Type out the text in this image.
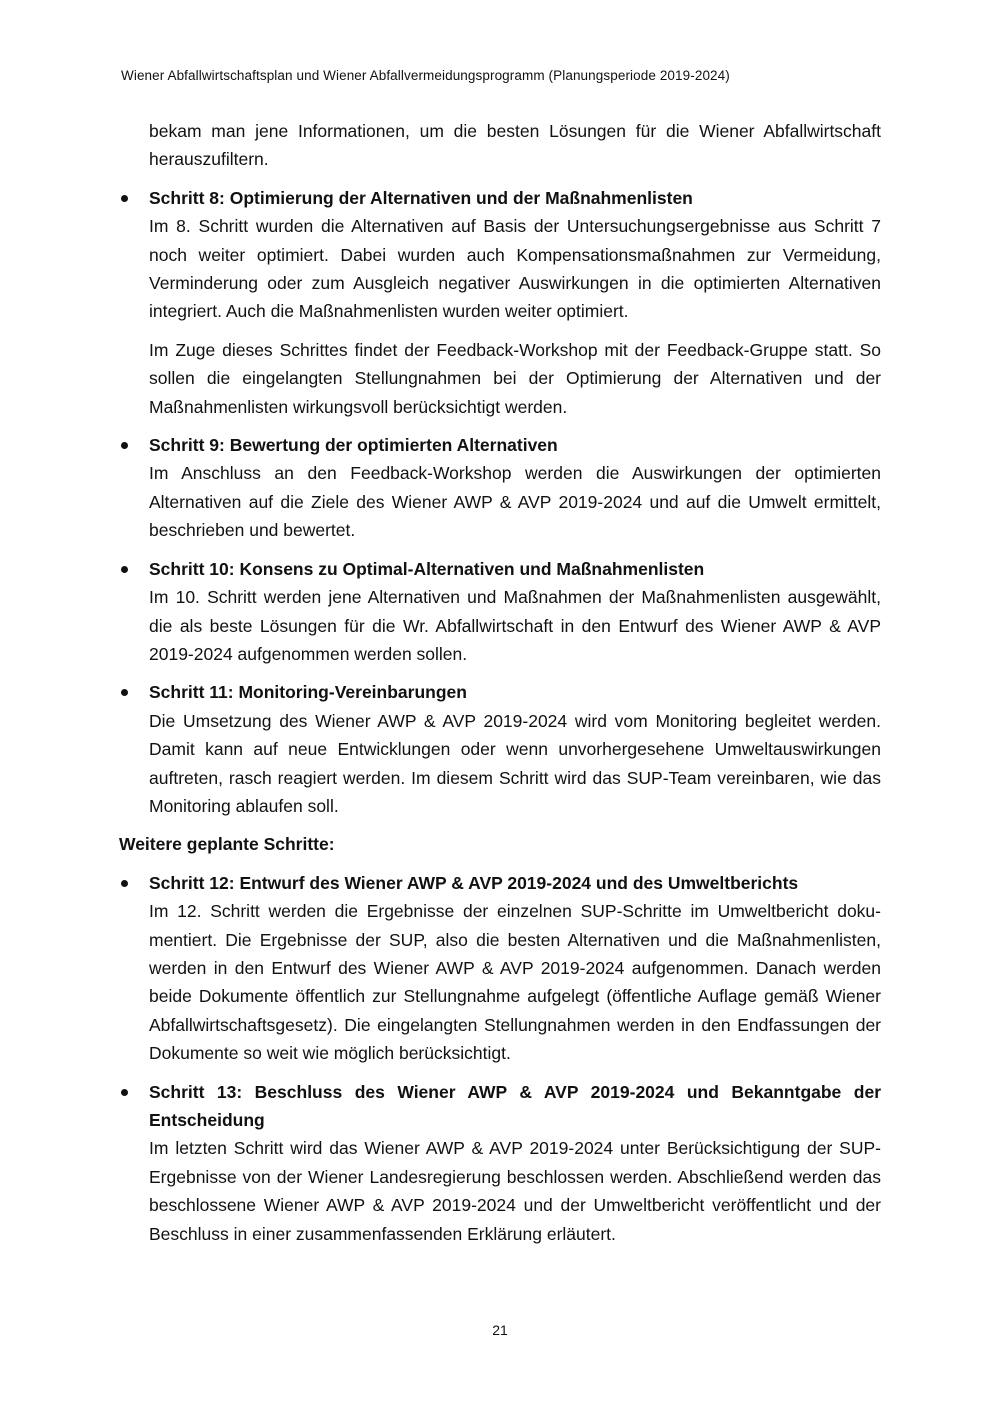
Wiener Abfallwirtschaftsplan und Wiener Abfallvermeidungsprogramm (Planungsperiode 2019-2024)

bekam man jene Informationen, um die besten Lösungen für die Wiener Abfallwirtschaft herauszufiltern.

Schritt 8: Optimierung der Alternativen und der Maßnahmenlisten

Im 8. Schritt wurden die Alternativen auf Basis der Untersuchungsergebnisse aus Schritt 7 noch weiter optimiert. Dabei wurden auch Kompensationsmaßnahmen zur Vermeidung, Verminderung oder zum Ausgleich negativer Auswirkungen in die optimierten Alternativen integriert. Auch die Maßnahmenlisten wurden weiter optimiert.

Im Zuge dieses Schrittes findet der Feedback-Workshop mit der Feedback-Gruppe statt. So sollen die eingelangten Stellungnahmen bei der Optimierung der Alternativen und der Maßnahmenlisten wirkungsvoll berücksichtigt werden.

Schritt 9: Bewertung der optimierten Alternativen

Im Anschluss an den Feedback-Workshop werden die Auswirkungen der optimierten Alternativen auf die Ziele des Wiener AWP & AVP 2019-2024 und auf die Umwelt ermittelt, beschrieben und bewertet.

Schritt 10: Konsens zu Optimal-Alternativen und Maßnahmenlisten

Im 10. Schritt werden jene Alternativen und Maßnahmen der Maßnahmenlisten ausgewählt, die als beste Lösungen für die Wr. Abfallwirtschaft in den Entwurf des Wiener AWP & AVP 2019-2024 aufgenommen werden sollen.

Schritt 11: Monitoring-Vereinbarungen

Die Umsetzung des Wiener AWP & AVP 2019-2024 wird vom Monitoring begleitet werden. Damit kann auf neue Entwicklungen oder wenn unvorhergesehene Umweltauswirkungen auftreten, rasch reagiert werden. Im diesem Schritt wird das SUP-Team vereinbaren, wie das Monitoring ablaufen soll.

Weitere geplante Schritte:

Schritt 12: Entwurf des Wiener AWP & AVP 2019-2024 und des Umweltberichts

Im 12. Schritt werden die Ergebnisse der einzelnen SUP-Schritte im Umweltbericht dokumentiert. Die Ergebnisse der SUP, also die besten Alternativen und die Maßnahmenlisten, werden in den Entwurf des Wiener AWP & AVP 2019-2024 aufgenommen. Danach werden beide Dokumente öffentlich zur Stellungnahme aufgelegt (öffentliche Auflage gemäß Wiener Abfallwirtschaftsgesetz). Die eingelangten Stellungnahmen werden in den Endfassungen der Dokumente so weit wie möglich berücksichtigt.

Schritt 13: Beschluss des Wiener AWP & AVP 2019-2024 und Bekanntgabe der Entscheidung

Im letzten Schritt wird das Wiener AWP & AVP 2019-2024 unter Berücksichtigung der SUP-Ergebnisse von der Wiener Landesregierung beschlossen werden. Abschließend werden das beschlossene Wiener AWP & AVP 2019-2024 und der Umweltbericht veröffentlicht und der Beschluss in einer zusammenfassenden Erklärung erläutert.

21
